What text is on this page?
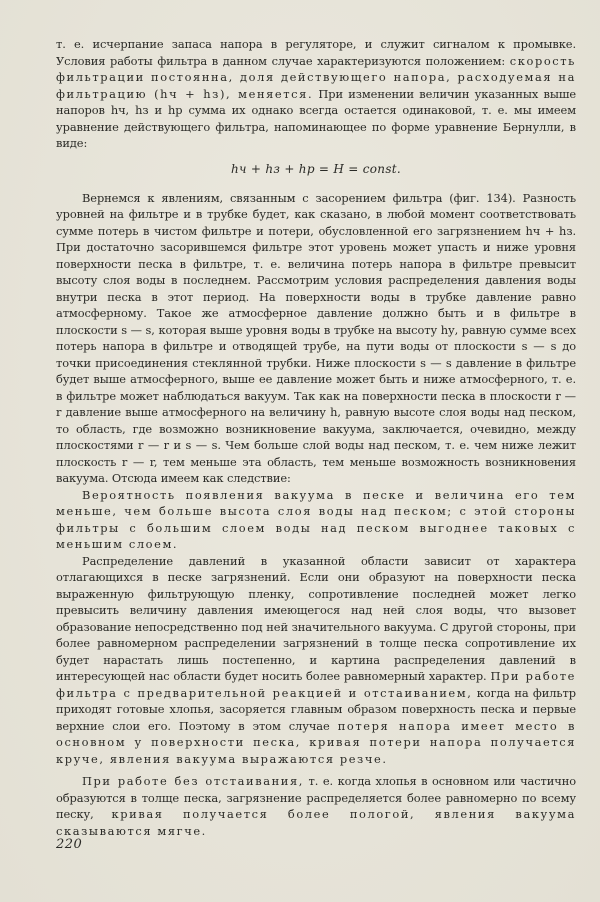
т. е. исчерпание запаса напора в регуляторе, и служит сигналом к промывке. Условия работы фильтра в данном случае характеризуются положением: скорость фильтрации постоянна, доля действующего напора, расходуемая на фильтрацию (hч + hз), меняется. При изменении величин указанных выше напоров hч, hз и hр сумма их однако всегда остается одинаковой, т. е. мы имеем уравнение действующего фильтра, напоминающее по форме уравнение Бернулли, в виде:

hч + hз + hр = H = const.

Вернемся к явлениям, связанным с засорением фильтра (фиг. 134). Разность уровней на фильтре и в трубке будет, как сказано, в любой момент соответствовать сумме потерь в чистом фильтре и потери, обусловленной его загрязнением hч + hз. При достаточно засорившемся фильтре этот уровень может упасть и ниже уровня поверхности песка в фильтре, т. е. величина потерь напора в фильтре превысит высоту слоя воды в последнем. Рассмотрим условия распределения давления воды внутри песка в этот период. На поверхности воды в трубке давление равно атмосферному. Такое же атмосферное давление должно быть и в фильтре в плоскости s — s, которая выше уровня воды в трубке на высоту hу, равную сумме всех потерь напора в фильтре и отводящей трубе, на пути воды от плоскости s — s до точки присоединения стеклянной трубки. Ниже плоскости s — s давление в фильтре будет выше атмосферного, выше ее давление может быть и ниже атмосферного, т. е. в фильтре может наблюдаться вакуум. Так как на поверхности песка в плоскости r — r давление выше атмосферного на величину h, равную высоте слоя воды над песком, то область, где возможно возникновение вакуума, заключается, очевидно, между плоскостями r — r и s — s. Чем больше слой воды над песком, т. е. чем ниже лежит плоскость r — r, тем меньше эта область, тем меньше возможность возникновения вакуума. Отсюда имеем как следствие:

Вероятность появления вакуума в песке и величина его тем меньше, чем больше высота слоя воды над песком; с этой стороны фильтры с большим слоем воды над песком выгоднее таковых с меньшим слоем.

Распределение давлений в указанной области зависит от характера отлагающихся в песке загрязнений. Если они образуют на поверхности песка выраженную фильтрующую пленку, сопротивление последней может легко превысить величину давления имеющегося над ней слоя воды, что вызовет образование непосредственно под ней значительного вакуума. С другой стороны, при более равномерном распределении загрязнений в толще песка сопротивление их будет нарастать лишь постепенно, и картина распределения давлений в интересующей нас области будет носить более равномерный характер. При работе фильтра с предварительной реакцией и отстаиванием, когда на фильтр приходят готовые хлопья, засоряется главным образом поверхность песка и первые верхние слои его. Поэтому в этом случае потеря напора имеет место в основном у поверхности песка, кривая потери напора получается круче, явления вакуума выражаются резче.

При работе без отстаивания, т. е. когда хлопья в основном или частично образуются в толще песка, загрязнение распределяется более равномерно по всему песку, кривая получается более пологой, явления вакуума сказываются мягче.

220
